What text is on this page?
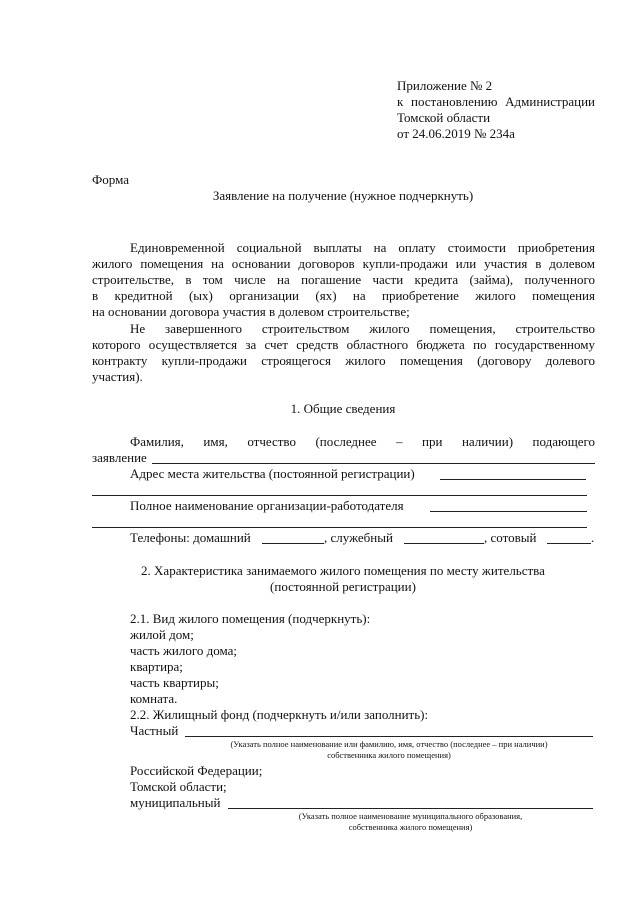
Приложение № 2
к постановлению Администрации
Томской области
от 24.06.2019 № 234а
Форма
Заявление на получение (нужное подчеркнуть)
Единовременной социальной выплаты на оплату стоимости приобретения
жилого помещения на основании договоров купли-продажи или участия в долевом
строительстве, в том числе на погашение части кредита (займа), полученного
в кредитной (ых) организации (ях) на приобретение жилого помещения
на основании договора участия в долевом строительстве;
Не завершенного строительством жилого помещения, строительство
которого осуществляется за счет средств областного бюджета по государственному
контракту купли-продажи строящегося жилого помещения (договору долевого
участия).
1. Общие сведения
Фамилия, имя, отчество (последнее – при наличии) подающего
заявление
Адрес места жительства (постоянной регистрации)
Полное наименование организации-работодателя
Телефоны: домашний	, служебный	, сотовый	.
2. Характеристика занимаемого жилого помещения по месту жительства
(постоянной регистрации)
2.1. Вид жилого помещения (подчеркнуть):
жилой дом;
часть жилого дома;
квартира;
часть квартиры;
комната.
2.2. Жилищный фонд (подчеркнуть и/или заполнить):
Частный
(Указать полное наименование или фамилию, имя, отчество (последнее – при наличии)
собственника жилого помещения)
Российской Федерации;
Томской области;
муниципальный
(Указать полное наименование муниципального образования,
собственника жилого помещения)
